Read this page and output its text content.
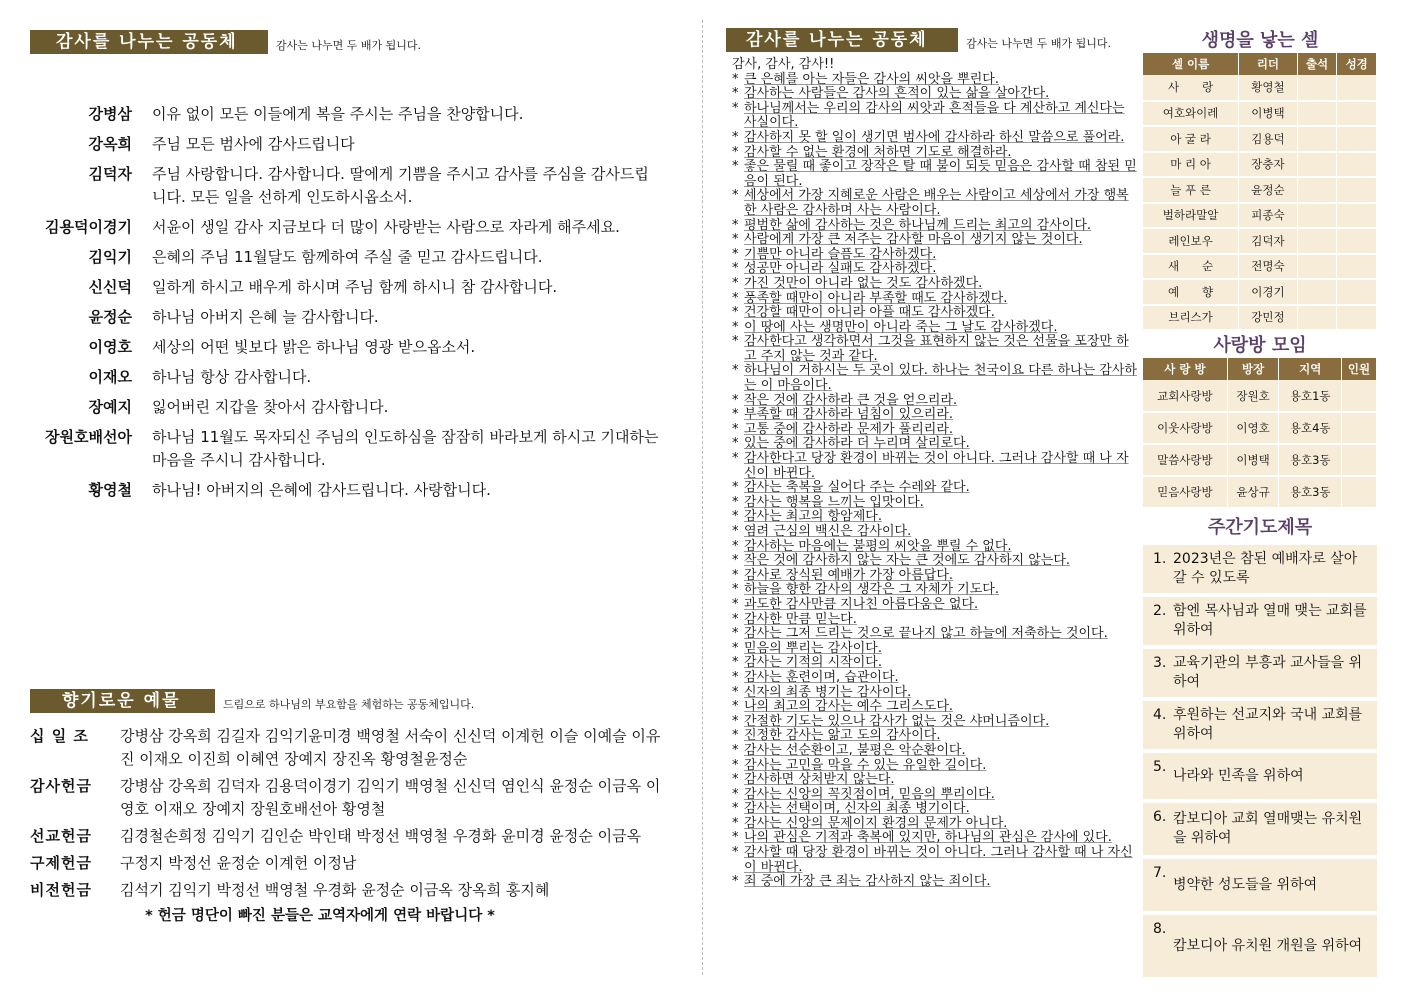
감사를 나누는 공동체	감사는 나누면 두 배가 됩니다.
강병삼 이유 없이 모든 이들에게 복을 주시는 주님을 찬양합니다.
강옥희 주님 모든 범사에 감사드립니다
김덕자 주님 사랑합니다. 감사합니다. 딸에게 기쁨을 주시고 감사를 주심을 감사드립니다. 모든 일을 선하게 인도하시옵소서.
김용덕이경기 서윤이 생일 감사 지금보다 더 많이 사랑받는 사람으로 자라게 해주세요.
김익기 은혜의 주님 11월달도 함께하여 주실 줄 믿고 감사드립니다.
신신덕 일하게 하시고 배우게 하시며 주님 함께 하시니 참 감사합니다.
윤정순 하나님 아버지 은혜 늘 감사합니다.
이영호 세상의 어떤 빛보다 밝은 하나님 영광 받으옵소서.
이재오 하나님 항상 감사합니다.
장예지 잃어버린 지갑을 찾아서 감사합니다.
장원호배선아 하나님 11월도 목자되신 주님의 인도하심을 잠잠히 바라보게 하시고 기대하는 마음을 주시니 감사합니다.
황영철 하나님! 아버지의 은혜에 감사드립니다. 사랑합니다.
향기로운 예물	드림으로 하나님의 부요함을 체험하는 공동체입니다.
십 일 조	강병삼 강옥희 김길자 김익기윤미경 백영철 서숙이 신신덕 이계헌 이슬 이예슬 이유진 이재오 이진희 이혜연 장예지 장진옥 황영철윤정순
감사헌금	강병삼 강옥희 김덕자 김용덕이경기 김익기 백영철 신신덕 염인식 윤정순 이금옥 이영호 이재오 장예지 장원호배선아 황영철
선교헌금	김경철손희정 김익기 김인순 박인태 박정선 백영철 우경화 윤미경 윤정순 이금옥
구제헌금	구정지 박정선 윤정순 이계헌 이정남
비전헌금	김석기 김익기 박정선 백영철 우경화 윤정순 이금옥 장옥희 홍지혜
* 헌금 명단이 빠진 분들은 교역자에게 연락 바랍니다 *
감사를 나누는 공동체	감사는 나누면 두 배가 됩니다.
감사, 감사, 감사!!
* 큰 은혜를 아는 자들은 감사의 씨앗을 뿌린다.
* 감사하는 사람들은 감사의 흔적이 있는 삶을 살아간다.
* 하나님께서는 우리의 감사의 씨앗과 흔적들을 다 계산하고 계신다는 사실이다.
* 감사하지 못 할 일이 생기면 범사에 감사하라 하신 말씀으로 풀어라.
* 감사할 수 없는 환경에 처하면 기도로 해결하라.
* 좋은 물릴 때 좋이고 장작은 탈 때 불이 되듯 믿음은 감사할 때 참된 믿음이 된다.
* 세상에서 가장 지혜로운 사람은 배우는 사람이고 세상에서 가장 행복한 사람은 감사하며 사는 사람이다.
* 평범한 삶에 감사하는 것은 하나님께 드리는 최고의 감사이다.
* 사람에게 가장 큰 저주는 감사할 마음이 생기지 않는 것이다.
* 기쁨만 아니라 슬픔도 감사하겠다.
* 성공만 아니라 실패도 감사하겠다.
* 가진 것만이 아니라 없는 것도 감사하겠다.
* 풍족할 때만이 아니라 부족할 때도 감사하겠다.
* 건강할 때만이 아니라 아플 때도 감사하겠다.
* 이 땅에 사는 생명만이 아니라 죽는 그 날도 감사하겠다.
* 감사한다고 생각하면서 그것을 표현하지 않는 것은 선물을 포장만 하고 주지 않는 것과 같다.
* 하나님이 거하시는 두 곳이 있다. 하나는 천국이요 다른 하나는 감사하는 이 마음이다.
* 작은 것에 감사하라 큰 것을 얻으리라.
* 부족할 때 감사하라 넘침이 있으리라.
* 고통 중에 감사하라 문제가 풀리리라.
* 있는 중에 감사하라 더 누리며 살리로다.
* 감사한다고 당장 환경이 바뀌는 것이 아니다. 그러나 감사할 때 나 자신이 바뀐다.
* 감사는 축복을 실어다 주는 수레와 같다.
* 감사는 행복을 느끼는 입맛이다.
* 감사는 최고의 항암제다.
* 염려 근심의 백신은 감사이다.
* 감사하는 마음에는 불평의 씨앗을 뿌릴 수 없다.
* 작은 것에 감사하지 않는 자는 큰 것에도 감사하지 않는다.
* 감사로 장식된 예배가 가장 아름답다.
* 하늘을 향한 감사의 생각은 그 자체가 기도다.
* 과도한 감사만큼 지나친 아름다움은 없다.
* 감사한 만큼 믿는다.
* 감사는 그저 드리는 것으로 끝나지 않고 하늘에 저축하는 것이다.
* 믿음의 뿌리는 감사이다.
* 감사는 기적의 시작이다.
* 감사는 훈련이며, 습관이다.
* 신자의 최종 병기는 감사이다.
* 나의 최고의 감사는 예수 그리스도다.
* 간절한 기도는 있으나 감사가 없는 것은 샤머니즘이다.
* 진정한 감사는 앎고 도의 감사이다.
* 감사는 선순환이고, 불평은 악순환이다.
* 감사는 고민을 막을 수 있는 유일한 길이다.
* 감사하면 상처받지 않는다.
* 감사는 신앙의 꼭짓점이며, 믿음의 뿌리이다.
* 감사는 선택이며, 신자의 최종 병기이다.
* 감사는 신앙의 문제이지 환경의 문제가 아니다.
* 나의 관심은 기적과 축복에 있지만, 하나님의 관심은 감사에 있다.
* 감사할 때 당장 환경이 바뀌는 것이 아니다. 그러나 감사할 때 나 자신이 바뀐다.
* 죄 중에 가장 큰 죄는 감사하지 않는 죄이다.
생명을 낳는 셀
셀 이름	리더	출석	성경
사　　랑	황영철		
여호와이레	이병택		
아 굴 라	김용덕		
마 리 아	장충자		
늘 푸 른	윤정순		
벌하라말알	피종숙		
레인보우	김덕자		
새　　순	전명숙		
예　　향	이경기		
브리스가	강민정		
사랑방 모임
사 랑 방	방장	지역	인원
교회사랑방	장원호	용호1동	
이웃사랑방	이영호	용호4동	
말씀사랑방	이병택	용호3동	
믿음사랑방	윤상규	용호3동	
주간기도제목
1. 2023년은 참된 예배자로 살아갈 수 있도록
2. 함엔 목사님과 열매 맺는 교회를 위하여
3. 교육기관의 부흥과 교사들을 위하여
4. 후원하는 선교지와 국내 교회를 위하여
5.
나라와 민족을 위하여
6. 캄보디아 교회 열매맺는 유치원을 위하여
7.
병약한 성도들을 위하여
8.
캄보디아 유치원 개원을 위하여
